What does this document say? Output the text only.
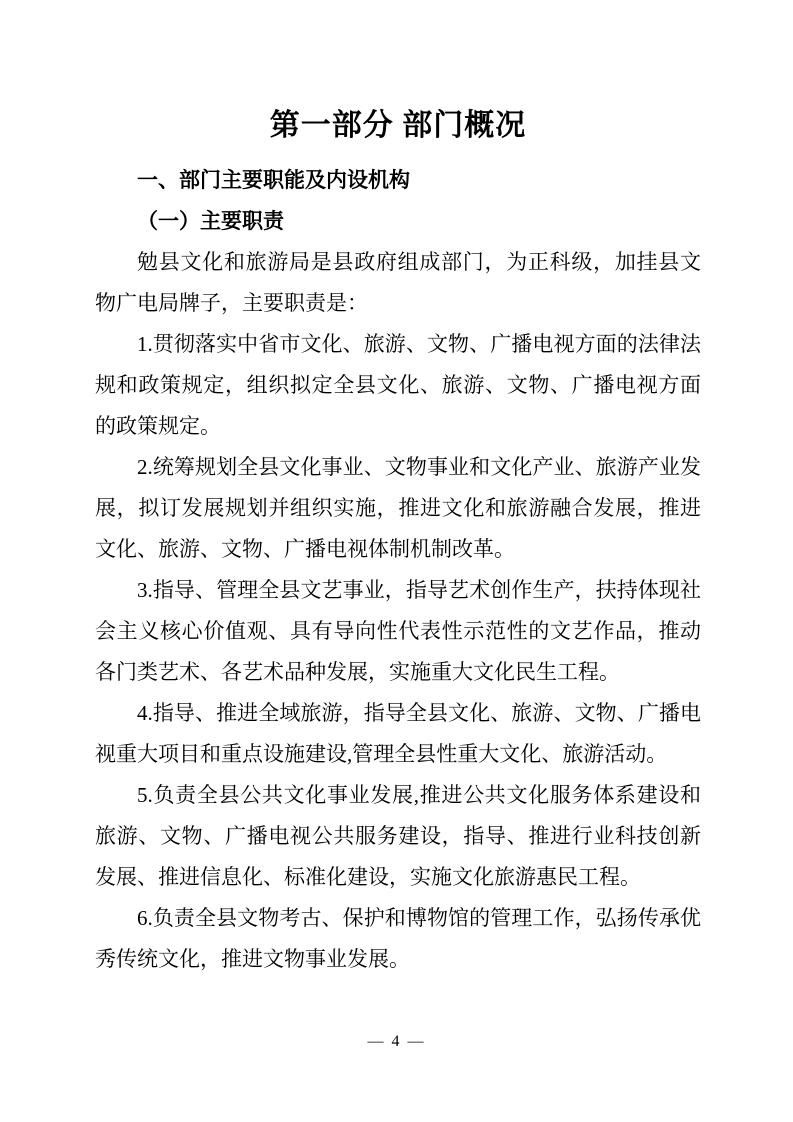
第一部分 部门概况
一、部门主要职能及内设机构
（一）主要职责

勉县文化和旅游局是县政府组成部门，为正科级，加挂县文物广电局牌子，主要职责是：

1.贯彻落实中省市文化、旅游、文物、广播电视方面的法律法规和政策规定，组织拟定全县文化、旅游、文物、广播电视方面的政策规定。

2.统筹规划全县文化事业、文物事业和文化产业、旅游产业发展，拟订发展规划并组织实施，推进文化和旅游融合发展，推进文化、旅游、文物、广播电视体制机制改革。

3.指导、管理全县文艺事业，指导艺术创作生产，扶持体现社会主义核心价值观、具有导向性代表性示范性的文艺作品，推动各门类艺术、各艺术品种发展，实施重大文化民生工程。

4.指导、推进全域旅游，指导全县文化、旅游、文物、广播电视重大项目和重点设施建设,管理全县性重大文化、旅游活动。

5.负责全县公共文化事业发展,推进公共文化服务体系建设和旅游、文物、广播电视公共服务建设，指导、推进行业科技创新发展、推进信息化、标准化建设，实施文化旅游惠民工程。

6.负责全县文物考古、保护和博物馆的管理工作，弘扬传承优秀传统文化，推进文物事业发展。

— 4 —
